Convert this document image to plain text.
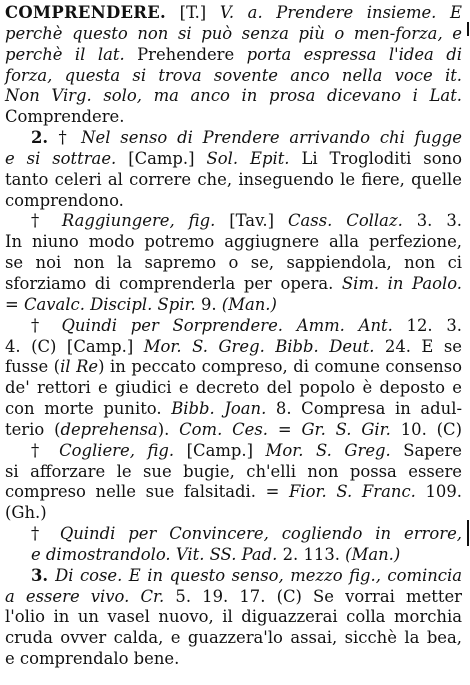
COMPRENDERE. [T.] V. a. Prendere insieme. E
perchè questo non si può senza più o men-forza, e
perchè il lat. Prehendere porta espressa l'idea di
forza, questa si trova sovente anco nella voce it.
Non Virg. solo, ma anco in prosa dicevano i Lat.
Comprendere.
2. † Nel senso di Prendere arrivando chi fugge
e si sottrae. [Camp.] Sol. Epit. Li Trogloditi sono
tanto celeri al correre che, inseguendo le fiere, quelle
comprendono.
† Raggiungere, fig. [Tav.] Cass. Collaz. 3. 3.
In niuno modo potremo aggiugnere alla perfezione,
se noi non la sapremo o se, sappiendola, non ci
sforziamo di comprenderla per opera. Sim. in Paolo.
= Cavalc. Discipl. Spir. 9. (Man.)
† Quindi per Sorprendere. Amm. Ant. 12. 3.
4. (C) [Camp.] Mor. S. Greg. Bibb. Deut. 24. E se
fusse (il Re) in peccato compreso, di comune consenso
de' rettori e giudici e decreto del popolo è deposto e
con morte punito. Bibb. Joan. 8. Compresa in adul-
terio (deprehensa). Com. Ces. = Gr. S. Gir. 10. (C)
† Cogliere, fig. [Camp.] Mor. S. Greg. Sapere
si afforzare le sue bugie, ch'elli non possa essere
compreso nelle sue falsitadi. = Fior. S. Franc. 109.
(Gh.)
† Quindi per Convincere, cogliendo in errore,
e dimostrandolo. Vit. SS. Pad. 2. 113. (Man.)
3. Di cose. E in questo senso, mezzo fig., comincia
a essere vivo. Cr. 5. 19. 17. (C) Se vorrai metter
l'olio in un vasel nuovo, il diguazzerai colla morchia
cruda ovver calda, e guazzera'lo assai, sicchè la bea,
e comprendalo bene.
